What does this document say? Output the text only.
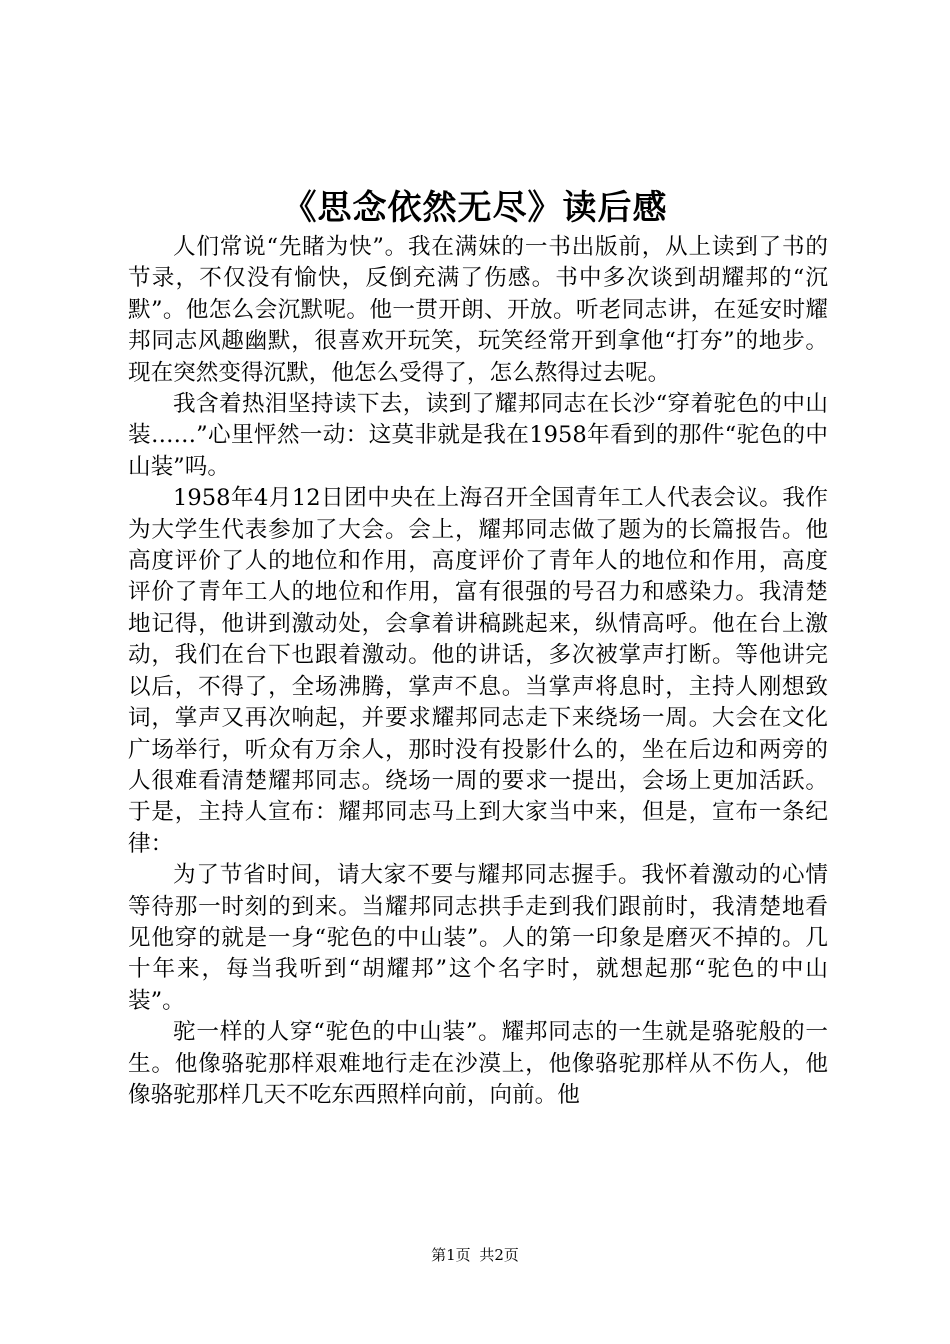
《思念依然无尽》读后感

人们常说“先睹为快”。我在满妹的一书出版前，从上读到了书的节录，不仅没有愉快，反倒充满了伤感。书中多次谈到胡耀邦的“沉默”。他怎么会沉默呢。他一贯开朗、开放。听老同志讲，在延安时耀邦同志风趣幽默，很喜欢开玩笑，玩笑经常开到拿他“打夯”的地步。现在突然变得沉默，他怎么受得了，怎么熬得过去呢。

我含着热泪坚持读下去，读到了耀邦同志在长沙“穿着驼色的中山装……”心里怦然一动：这莫非就是我在1958年看到的那件“驼色的中山装”吗。

1958年4月12日团中央在上海召开全国青年工人代表会议。我作为大学生代表参加了大会。会上，耀邦同志做了题为的长篇报告。他高度评价了人的地位和作用，高度评价了青年人的地位和作用，高度评价了青年工人的地位和作用，富有很强的号召力和感染力。我清楚地记得，他讲到激动处，会拿着讲稿跳起来，纵情高呼。他在台上激动，我们在台下也跟着激动。他的讲话，多次被掌声打断。等他讲完以后，不得了，全场沸腾，掌声不息。当掌声将息时，主持人刚想致词，掌声又再次响起，并要求耀邦同志走下来绕场一周。大会在文化广场举行，听众有万余人，那时没有投影什么的，坐在后边和两旁的人很难看清楚耀邦同志。绕场一周的要求一提出，会场上更加活跃。于是，主持人宣布：耀邦同志马上到大家当中来，但是，宣布一条纪律：

为了节省时间，请大家不要与耀邦同志握手。我怀着激动的心情等待那一时刻的到来。当耀邦同志拱手走到我们跟前时，我清楚地看见他穿的就是一身“驼色的中山装”。人的第一印象是磨灭不掉的。几十年来，每当我听到“胡耀邦”这个名字时，就想起那“驼色的中山装”。

驼一样的人穿“驼色的中山装”。耀邦同志的一生就是骆驼般的一生。他像骆驼那样艰难地行走在沙漠上，他像骆驼那样从不伤人，他像骆驼那样几天不吃东西照样向前，向前。他

第1页 共2页
